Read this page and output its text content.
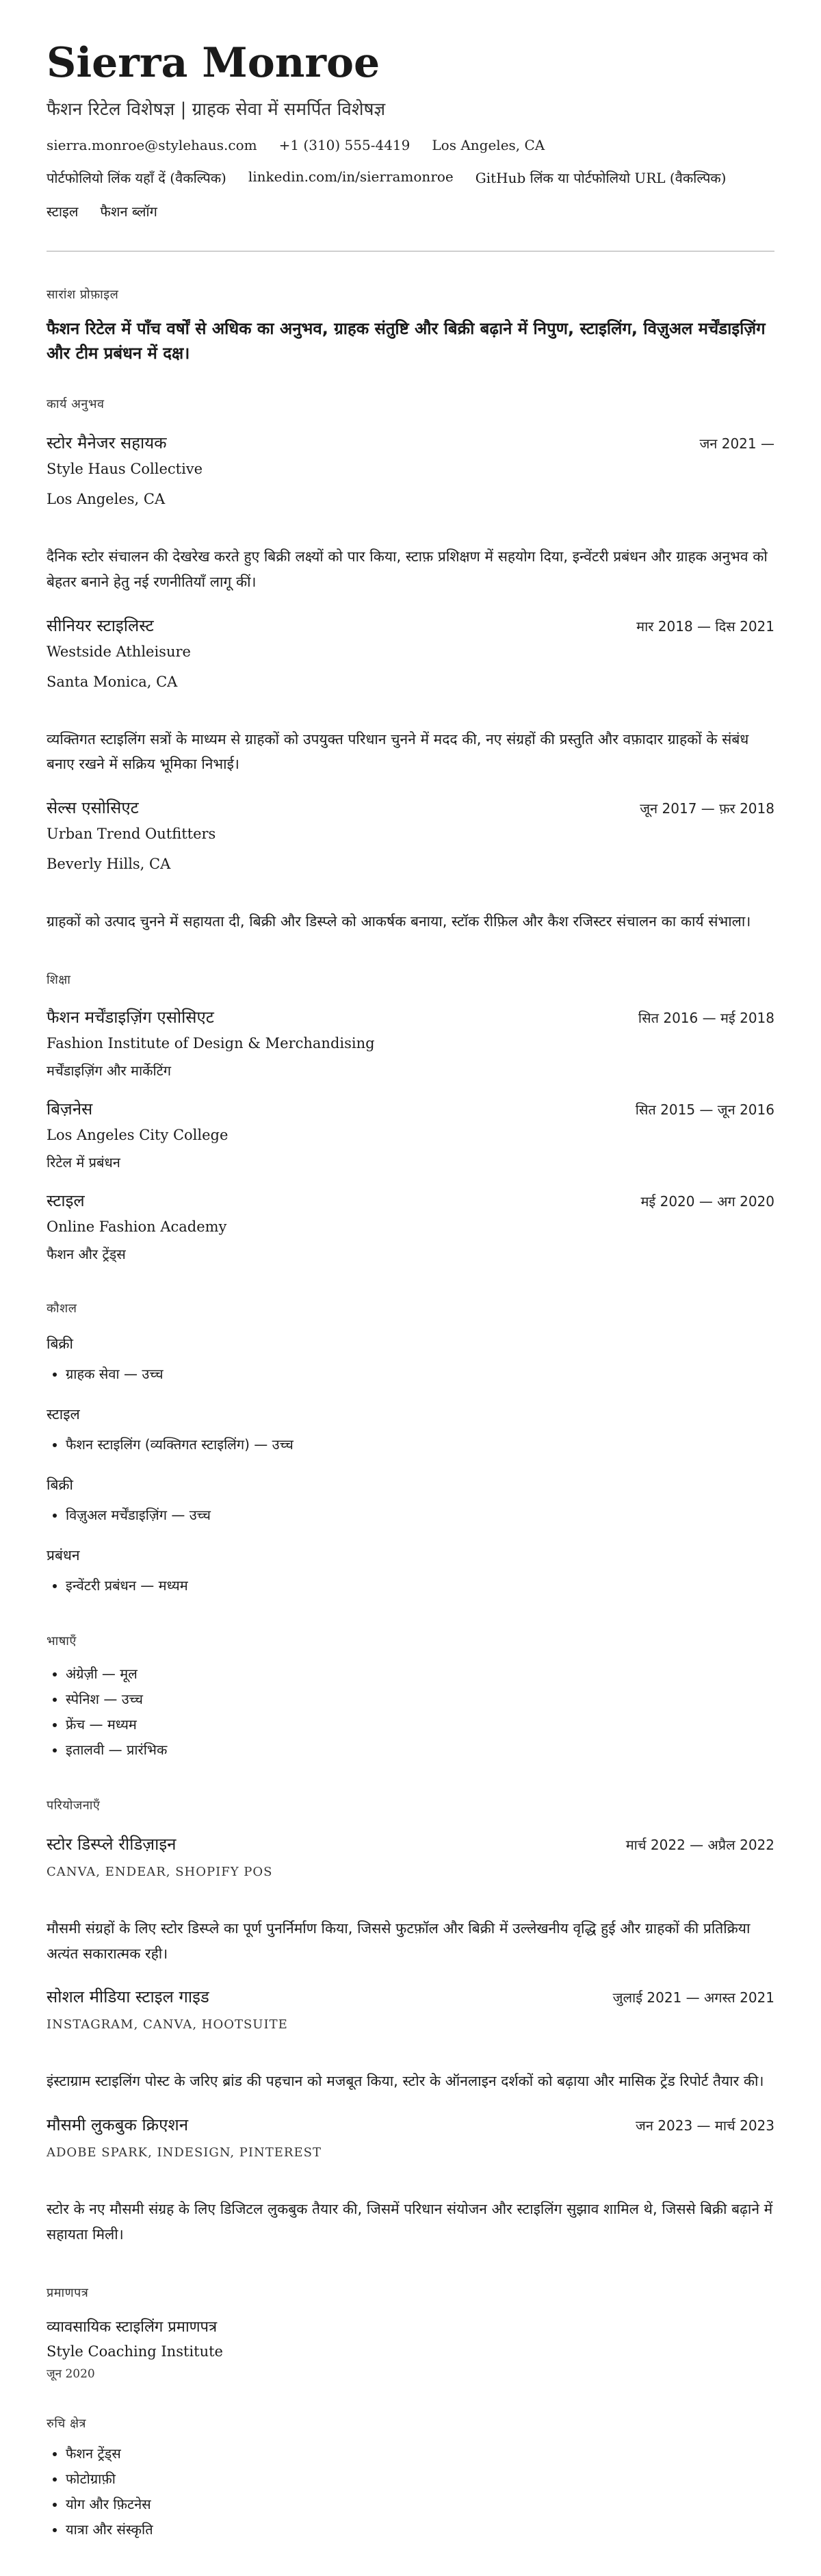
Sierra Monroe
फैशन रिटेल विशेषज्ञ | ग्राहक सेवा में समर्पित विशेषज्ञ
sierra.monroe@stylehaus.com +1 (310) 555-4419 Los Angeles, CA
पोर्टफोलियो लिंक यहाँ दें (वैकल्पिक) linkedin.com/in/sierramonroe GitHub लिंक या पोर्टफोलियो URL (वैकल्पिक)
स्टाइल फैशन ब्लॉग
सारांश प्रोफ़ाइल
फैशन रिटेल में पाँच वर्षों से अधिक का अनुभव, ग्राहक संतुष्टि और बिक्री बढ़ाने में निपुण, स्टाइलिंग, विज़ुअल मर्चेंडाइज़िंग और टीम प्रबंधन में दक्ष।
कार्य अनुभव
स्टोर मैनेजर सहायक	जन 2021 —
Style Haus Collective
Los Angeles, CA
दैनिक स्टोर संचालन की देखरेख करते हुए बिक्री लक्ष्यों को पार किया, स्टाफ़ प्रशिक्षण में सहयोग दिया, इन्वेंटरी प्रबंधन और ग्राहक अनुभव को बेहतर बनाने हेतु नई रणनीतियाँ लागू कीं।
सीनियर स्टाइलिस्ट	मार 2018 — दिस 2021
Westside Athleisure
Santa Monica, CA
व्यक्तिगत स्टाइलिंग सत्रों के माध्यम से ग्राहकों को उपयुक्त परिधान चुनने में मदद की, नए संग्रहों की प्रस्तुति और वफ़ादार ग्राहकों के संबंध बनाए रखने में सक्रिय भूमिका निभाई।
सेल्स एसोसिएट	जून 2017 — फ़र 2018
Urban Trend Outfitters
Beverly Hills, CA
ग्राहकों को उत्पाद चुनने में सहायता दी, बिक्री और डिस्प्ले को आकर्षक बनाया, स्टॉक रीफ़िल और कैश रजिस्टर संचालन का कार्य संभाला।
शिक्षा
फैशन मर्चेंडाइज़िंग एसोसिएट	सित 2016 — मई 2018
Fashion Institute of Design & Merchandising
मर्चेंडाइज़िंग और मार्केटिंग
बिज़नेस	सित 2015 — जून 2016
Los Angeles City College
रिटेल में प्रबंधन
स्टाइल	मई 2020 — अग 2020
Online Fashion Academy
फैशन और ट्रेंड्स
कौशल
बिक्री
• ग्राहक सेवा — उच्च
स्टाइल
• फैशन स्टाइलिंग (व्यक्तिगत स्टाइलिंग) — उच्च
बिक्री
• विज़ुअल मर्चेंडाइज़िंग — उच्च
प्रबंधन
• इन्वेंटरी प्रबंधन — मध्यम
भाषाएँ
• अंग्रेज़ी — मूल
• स्पेनिश — उच्च
• फ्रेंच — मध्यम
• इतालवी — प्रारंभिक
परियोजनाएँ
स्टोर डिस्प्ले रीडिज़ाइन	मार्च 2022 — अप्रैल 2022
CANVA, ENDEAR, SHOPIFY POS
मौसमी संग्रहों के लिए स्टोर डिस्प्ले का पूर्ण पुनर्निर्माण किया, जिससे फुटफ़ॉल और बिक्री में उल्लेखनीय वृद्धि हुई और ग्राहकों की प्रतिक्रिया अत्यंत सकारात्मक रही।
सोशल मीडिया स्टाइल गाइड	जुलाई 2021 — अगस्त 2021
INSTAGRAM, CANVA, HOOTSUITE
इंस्टाग्राम स्टाइलिंग पोस्ट के जरिए ब्रांड की पहचान को मजबूत किया, स्टोर के ऑनलाइन दर्शकों को बढ़ाया और मासिक ट्रेंड रिपोर्ट तैयार की।
मौसमी लुकबुक क्रिएशन	जन 2023 — मार्च 2023
ADOBE SPARK, INDESIGN, PINTEREST
स्टोर के नए मौसमी संग्रह के लिए डिजिटल लुकबुक तैयार की, जिसमें परिधान संयोजन और स्टाइलिंग सुझाव शामिल थे, जिससे बिक्री बढ़ाने में सहायता मिली।
प्रमाणपत्र
व्यावसायिक स्टाइलिंग प्रमाणपत्र
Style Coaching Institute
जून 2020
रुचि क्षेत्र
• फैशन ट्रेंड्स
• फोटोग्राफ़ी
• योग और फ़िटनेस
• यात्रा और संस्कृति
